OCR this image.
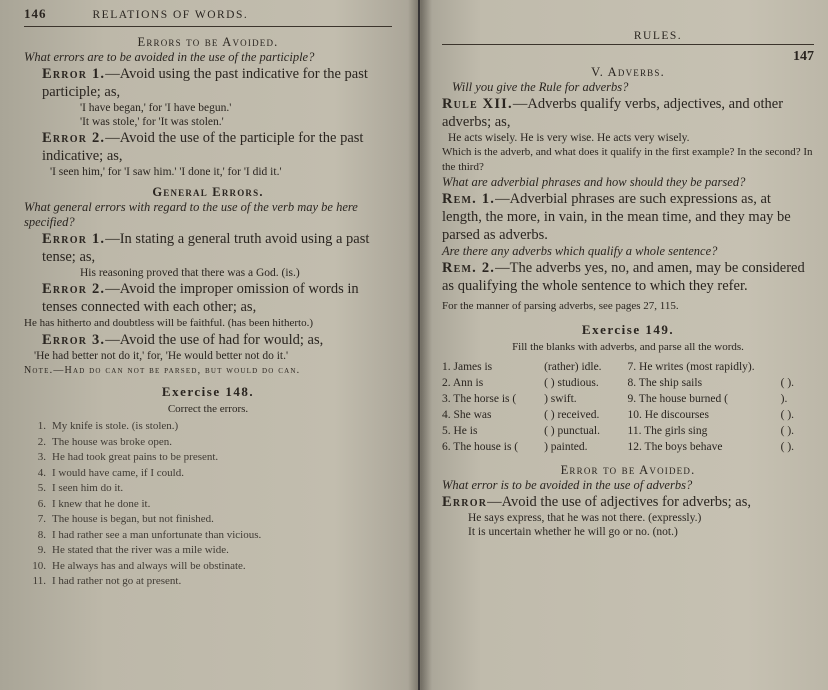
146	RELATIONS OF WORDS.
Errors to be Avoided.
What errors are to be avoided in the use of the participle?
Error 1.—Avoid using the past indicative for the past participle; as,
'I have began,' for 'I have begun.'
'It was stole,' for 'It was stolen.'
Error 2.—Avoid the use of the participle for the past indicative; as,
'I seen him,' for 'I saw him.' 'I done it,' for 'I did it.'
General Errors.
What general errors with regard to the use of the verb may be here specified?
Error 1.—In stating a general truth avoid using a past tense; as,
His reasoning proved that there was a God. (is.)
Error 2.—Avoid the improper omission of words in tenses connected with each other; as,
He has hitherto and doubtless will be faithful. (has been hitherto.)
Error 3.—Avoid the use of had for would; as,
'He had better not do it,' for, 'He would better not do it.'
Note.—Had do can not be parsed, but would do can.
Exercise 148.
Correct the errors.
1. My knife is stole. (is stolen.)
2. The house was broke open.
3. He had took great pains to be present.
4. I would have came, if I could.
5. I seen him do it.
6. I knew that he done it.
7. The house is began, but not finished.
8. I had rather see a man unfortunate than vicious.
9. He stated that the river was a mile wide.
10. He always has and always will be obstinate.
11. I had rather not go at present.
RULES.
147
V. Adverbs.
Will you give the Rule for adverbs?
Rule XII.—Adverbs qualify verbs, adjectives, and other adverbs; as,
He acts wisely. He is very wise. He acts very wisely.
Which is the adverb, and what does it qualify in the first example? In the second? In the third?
What are adverbial phrases and how should they be parsed?
Rem. 1.—Adverbial phrases are such expressions as, at length, the more, in vain, in the mean time, and they may be parsed as adverbs.
Are there any adverbs which qualify a whole sentence?
Rem. 2.—The adverbs yes, no, and amen, may be considered as qualifying the whole sentence to which they refer.
For the manner of parsing adverbs, see pages 27, 115.
Exercise 149.
Fill the blanks with adverbs, and parse all the words.
1. James is	(rather) idle.	7. He writes (most rapidly).
2. Ann is	( ) studious.	8. The ship sails	( ).
3. The horse is (	) swift.	9. The house burned (	).
4. She was	( ) received.	10. He discourses	( ).
5. He is	( ) punctual.	11. The girls sing	( ).
6. The house is (	) painted.	12. The boys behave	( ).
Error to be Avoided.
What error is to be avoided in the use of adverbs?
Error—Avoid the use of adjectives for adverbs; as,
He says express, that he was not there. (expressly.)
It is uncertain whether he will go or no. (not.)
